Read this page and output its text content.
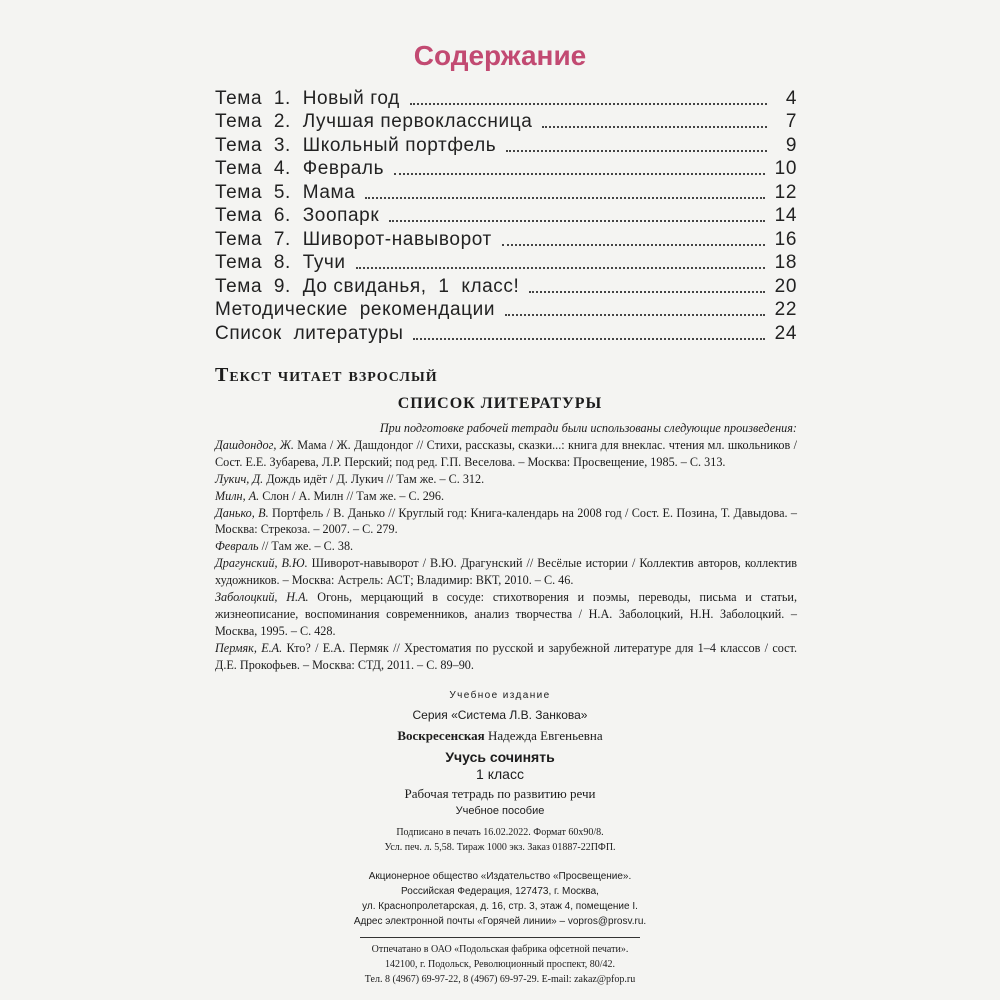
Содержание
Тема  1.  Новый год	4
Тема  2.  Лучшая первоклассница	7
Тема  3.  Школьный портфель	9
Тема  4.  Февраль	10
Тема  5.  Мама	12
Тема  6.  Зоопарк	14
Тема  7.  Шиворот-навыворот	16
Тема  8.  Тучи	18
Тема  9.  До свиданья,  1  класс!	20
Методические  рекомендации	22
Список  литературы	24
Текст читает взрослый
СПИСОК ЛИТЕРАТУРЫ

При подготовке рабочей тетради были использованы следующие произведения:

Дашдондог, Ж. Мама / Ж. Дашдондог // Стихи, рассказы, сказки...: книга для внеклас. чтения мл. школьников / Сост. Е.Е. Зубарева, Л.Р. Перский; под ред. Г.П. Веселова. – Москва: Просвещение, 1985. – С. 313.

Лукич, Д. Дождь идёт / Д. Лукич // Там же. – С. 312.

Милн, А. Слон / А. Милн // Там же. – С. 296.

Данько, В. Портфель / В. Данько // Круглый год: Книга-календарь на 2008 год / Сост. Е. Позина, Т. Давыдова. – Москва: Стрекоза. – 2007. – С. 279.

Февраль // Там же. – С. 38.

Драгунский, В.Ю. Шиворот-навыворот / В.Ю. Драгунский // Весёлые истории / Коллектив авторов, коллектив художников. – Москва: Астрель: АСТ; Владимир: ВКТ, 2010. – С. 46.

Заболоцкий, Н.А. Огонь, мерцающий в сосуде: стихотворения и поэмы, переводы, письма и статьи, жизнеописание, воспоминания современников, анализ творчества / Н.А. Заболоцкий, Н.Н. Заболоцкий. – Москва, 1995. – С. 428.

Пермяк, Е.А. Кто? / Е.А. Пермяк // Хрестоматия по русской и зарубежной литературе для 1–4 классов / сост. Д.Е. Прокофьев. – Москва: СТД, 2011. – С. 89–90.

Учебное издание
Серия «Система Л.В. Занкова»
Воскресенская Надежда Евгеньевна
Учусь сочинять
1 класс
Рабочая тетрадь по развитию речи
Учебное пособие
Подписано в печать 16.02.2022. Формат 60х90/8.
Усл. печ. л. 5,58. Тираж 1000 экз. Заказ 01887-22ПФП.
Акционерное общество «Издательство «Просвещение».
Российская Федерация, 127473, г. Москва,
ул. Краснопролетарская, д. 16, стр. 3, этаж 4, помещение I.
Адрес электронной почты «Горячей линии» – vopros@prosv.ru.
Отпечатано в ОАО «Подольская фабрика офсетной печати».
142100, г. Подольск, Революционный проспект, 80/42.
Тел. 8 (4967) 69-97-22, 8 (4967) 69-97-29. E-mail: zakaz@pfop.ru
